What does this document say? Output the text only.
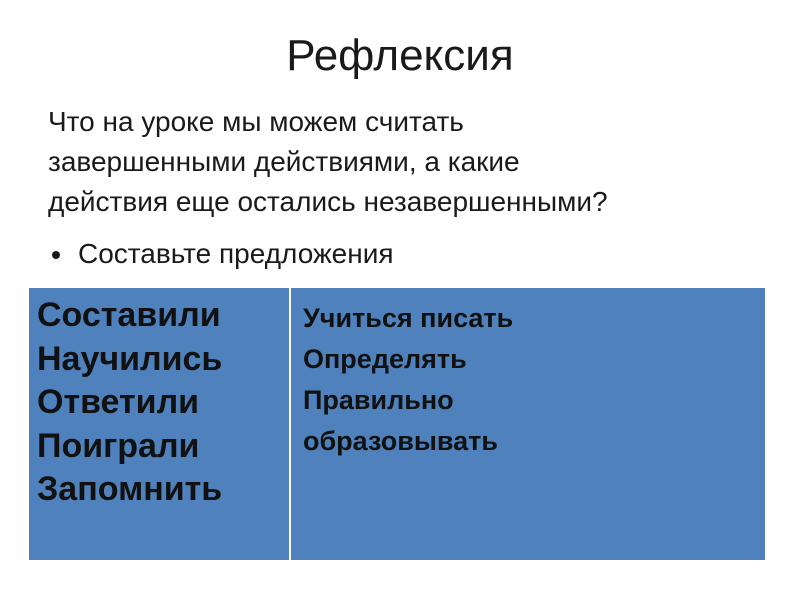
Рефлексия

Что на уроке мы можем считать
завершенными действиями, а какие
действия еще остались незавершенными?

Составьте предложения
Составили
Научились
Ответили
Поиграли
Запомнить
Учиться писать
Определять
Правильно
образовывать
